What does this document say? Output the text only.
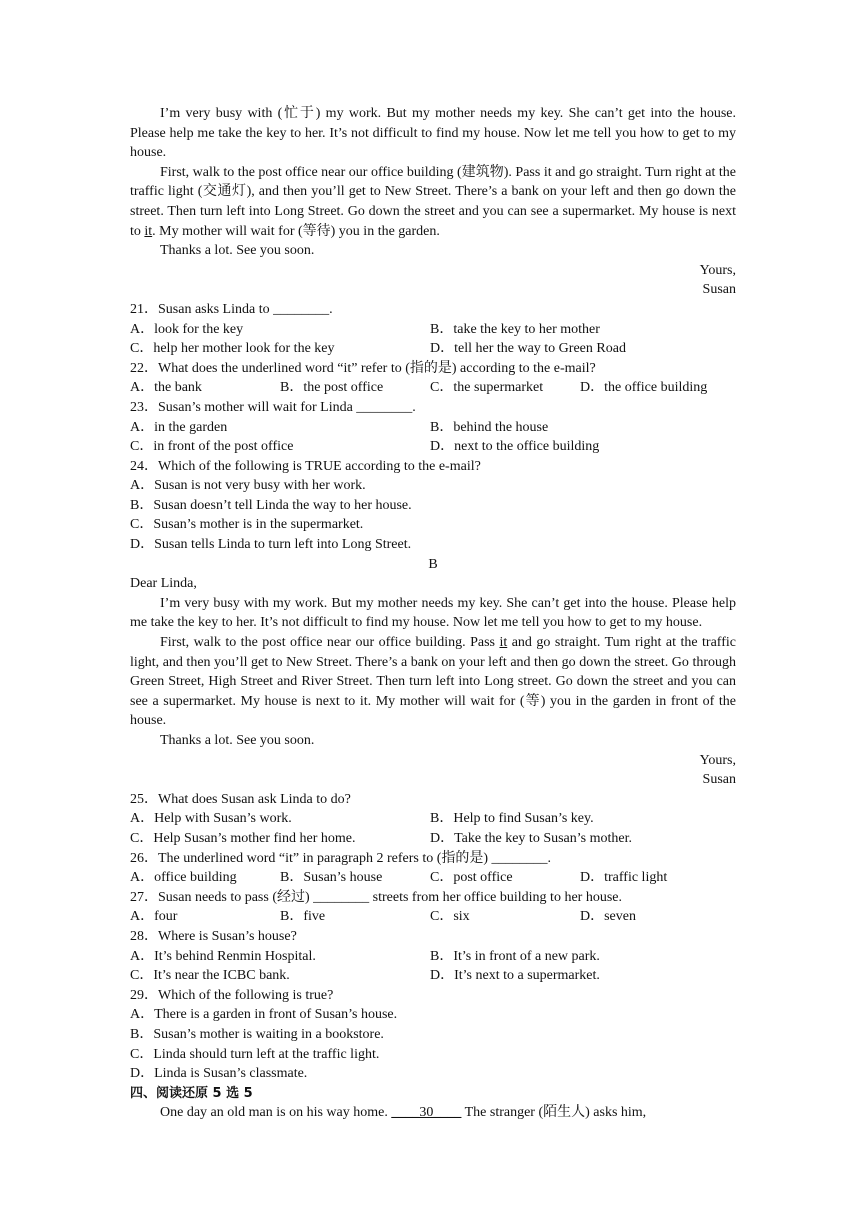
I’m very busy with (忙于) my work. But my mother needs my key. She can’t get into the house. Please help me take the key to her. It’s not difficult to find my house. Now let me tell you how to get to my house.

First, walk to the post office near our office building (建筑物). Pass it and go straight. Turn right at the traffic light (交通灯), and then you’ll get to New Street. There’s a bank on your left and then go down the street. Then turn left into Long Street. Go down the street and you can see a supermarket. My house is next to it. My mother will wait for (等待) you in the garden.

Thanks a lot. See you soon.

Yours,

Susan

21．Susan asks Linda to ________.

A．look for the key	B．take the key to her mother
C．help her mother look for the key	D．tell her the way to Green Road

22．What does the underlined word “it” refer to (指的是) according to the e-mail?

A．the bank	B．the post office	C．the supermarket	D．the office building

23．Susan’s mother will wait for Linda ________.

A．in the garden	B．behind the house
C．in front of the post office	D．next to the office building

24．Which of the following is TRUE according to the e-mail?

A．Susan is not very busy with her work.
B．Susan doesn’t tell Linda the way to her house.
C．Susan’s mother is in the supermarket.
D．Susan tells Linda to turn left into Long Street.

B

Dear Linda,

I’m very busy with my work. But my mother needs my key. She can’t get into the house. Please help me take the key to her. It’s not difficult to find my house. Now let me tell you how to get to my house.

First, walk to the post office near our office building. Pass it and go straight. Tum right at the traffic light, and then you’ll get to New Street. There’s a bank on your left and then go down the street. Go through Green Street, High Street and River Street. Then turn left into Long street. Go down the street and you can see a supermarket. My house is next to it. My mother will wait for (等) you in the garden in front of the house.

Thanks a lot. See you soon.

Yours,

Susan

25．What does Susan ask Linda to do?

A．Help with Susan’s work.	B．Help to find Susan’s key.
C．Help Susan’s mother find her home.	D．Take the key to Susan’s mother.

26．The underlined word “it” in paragraph 2 refers to (指的是) ________.

A．office building	B．Susan’s house	C．post office	D．traffic light

27．Susan needs to pass (经过) ________ streets from her office building to her house.

A．four	B．five	C．six	D．seven

28．Where is Susan’s house?

A．It’s behind Renmin Hospital.	B．It’s in front of a new park.
C．It’s near the ICBC bank.	D．It’s next to a supermarket.

29．Which of the following is true?

A．There is a garden in front of Susan’s house.
B．Susan’s mother is waiting in a bookstore.
C．Linda should turn left at the traffic light.
D．Linda is Susan’s classmate.

四、阅读还原 5 选 5

One day an old man is on his way home. ____30____ The stranger (陌生人) asks him,
